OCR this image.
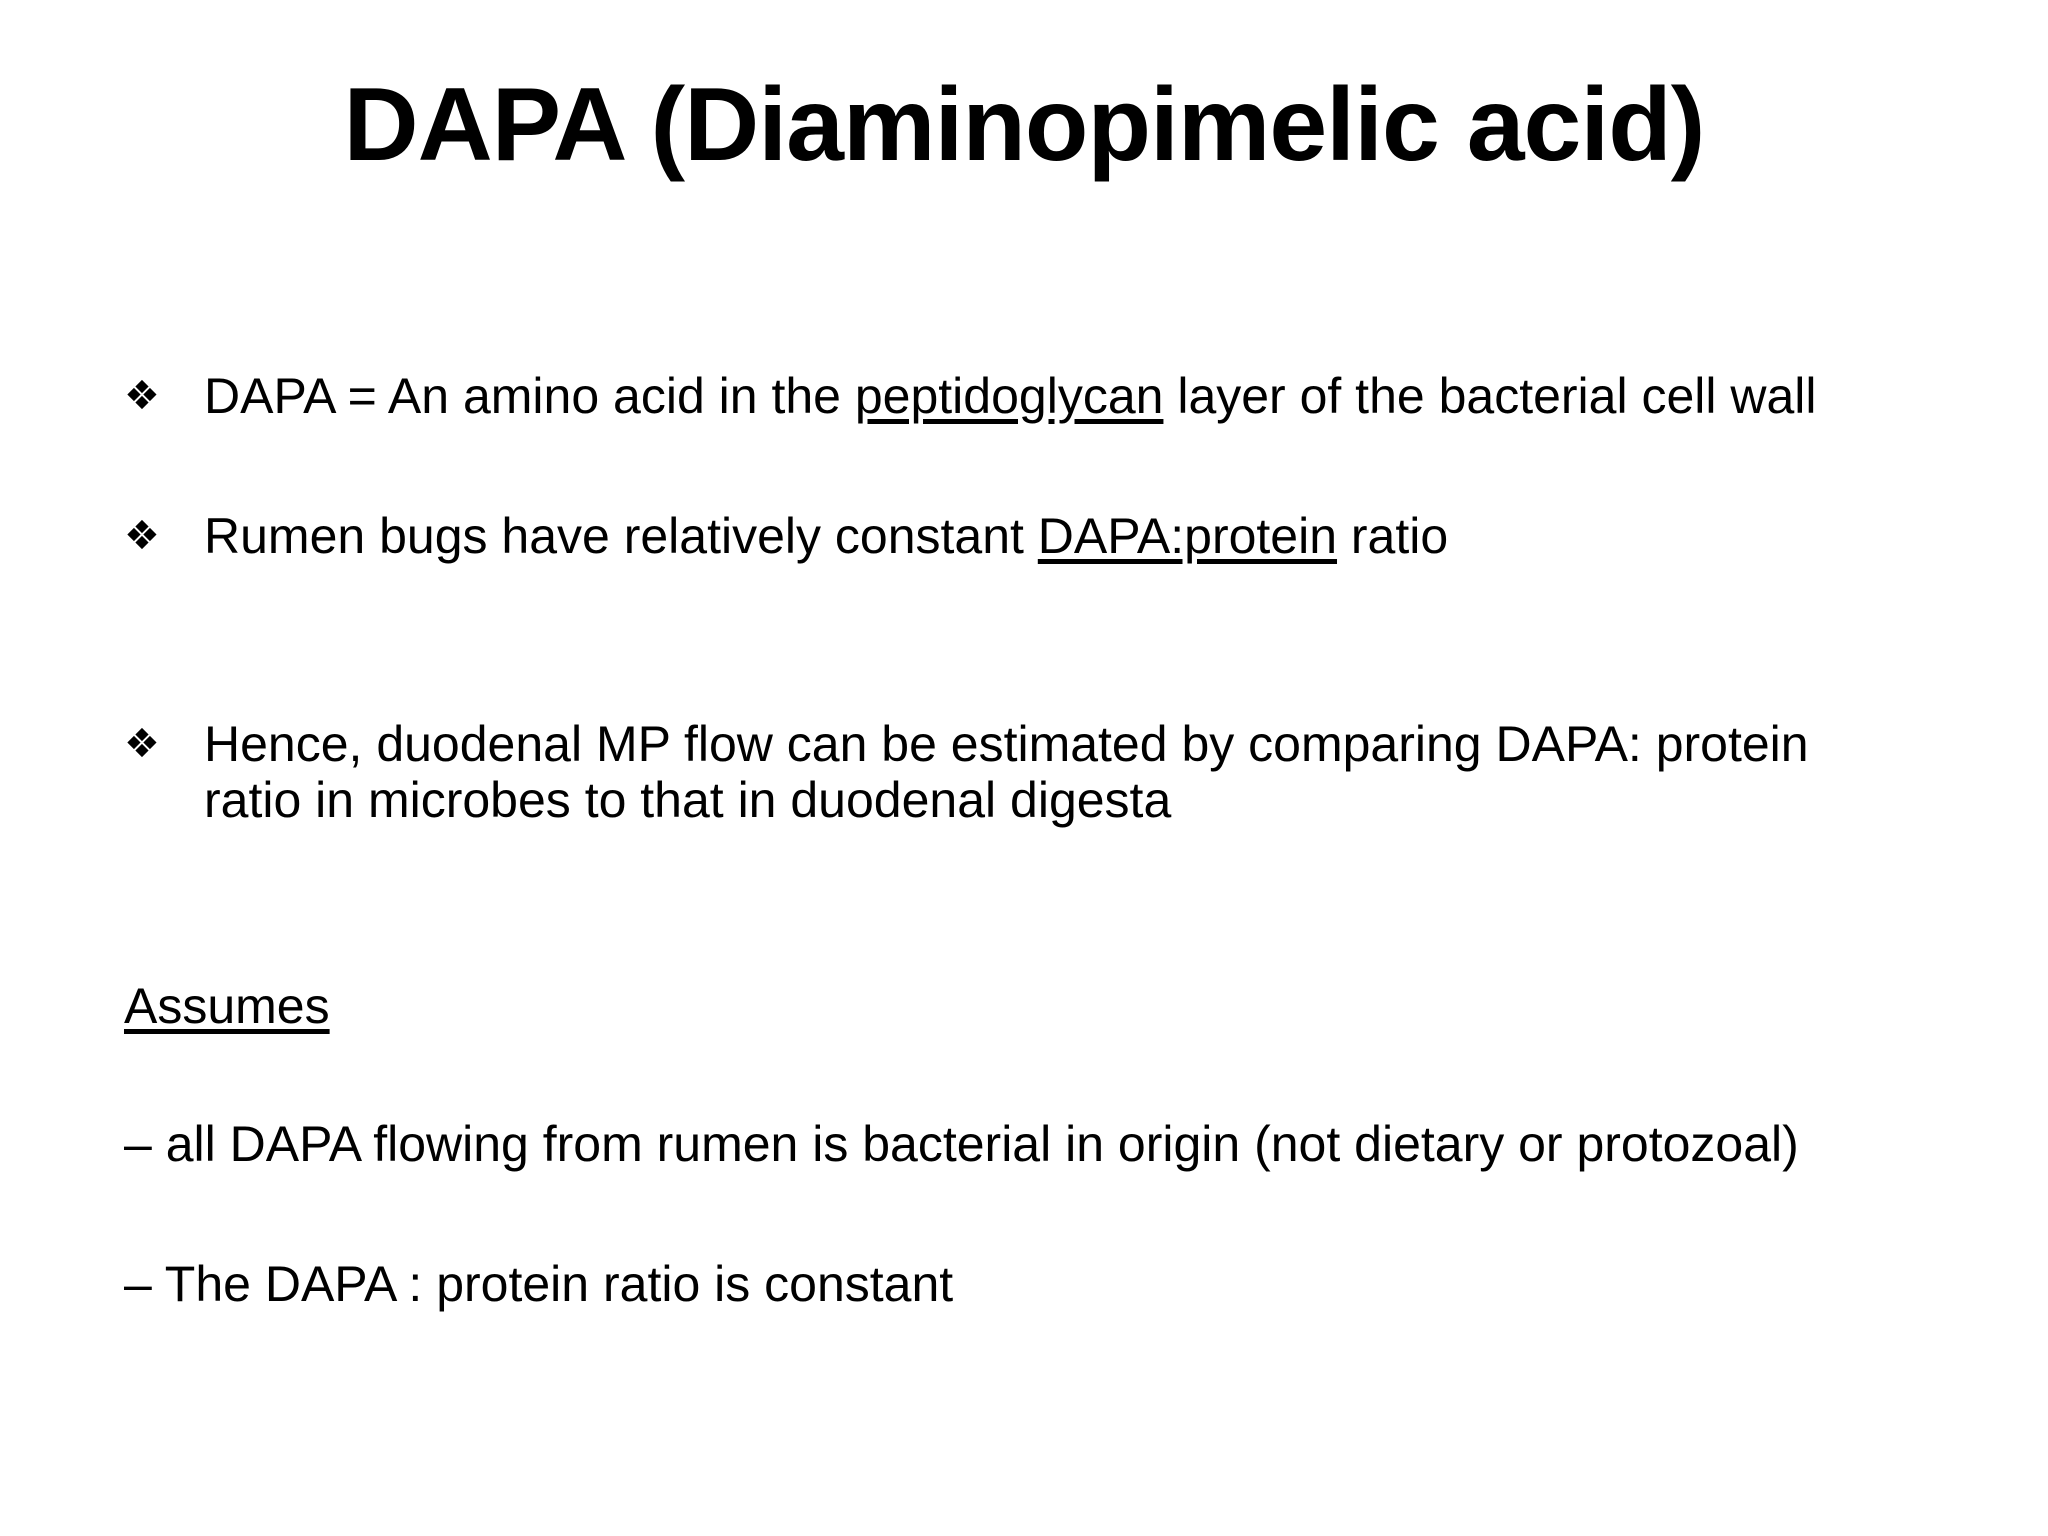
DAPA (Diaminopimelic acid)
❖ DAPA = An amino acid in the peptidoglycan layer of the bacterial cell wall
❖ Rumen bugs have relatively constant DAPA:protein ratio
❖ Hence, duodenal MP flow can be estimated by comparing DAPA: protein
ratio in microbes to that in duodenal digesta
Assumes
– all DAPA flowing from rumen is bacterial in origin (not dietary or protozoal)
– The DAPA : protein ratio is constant
